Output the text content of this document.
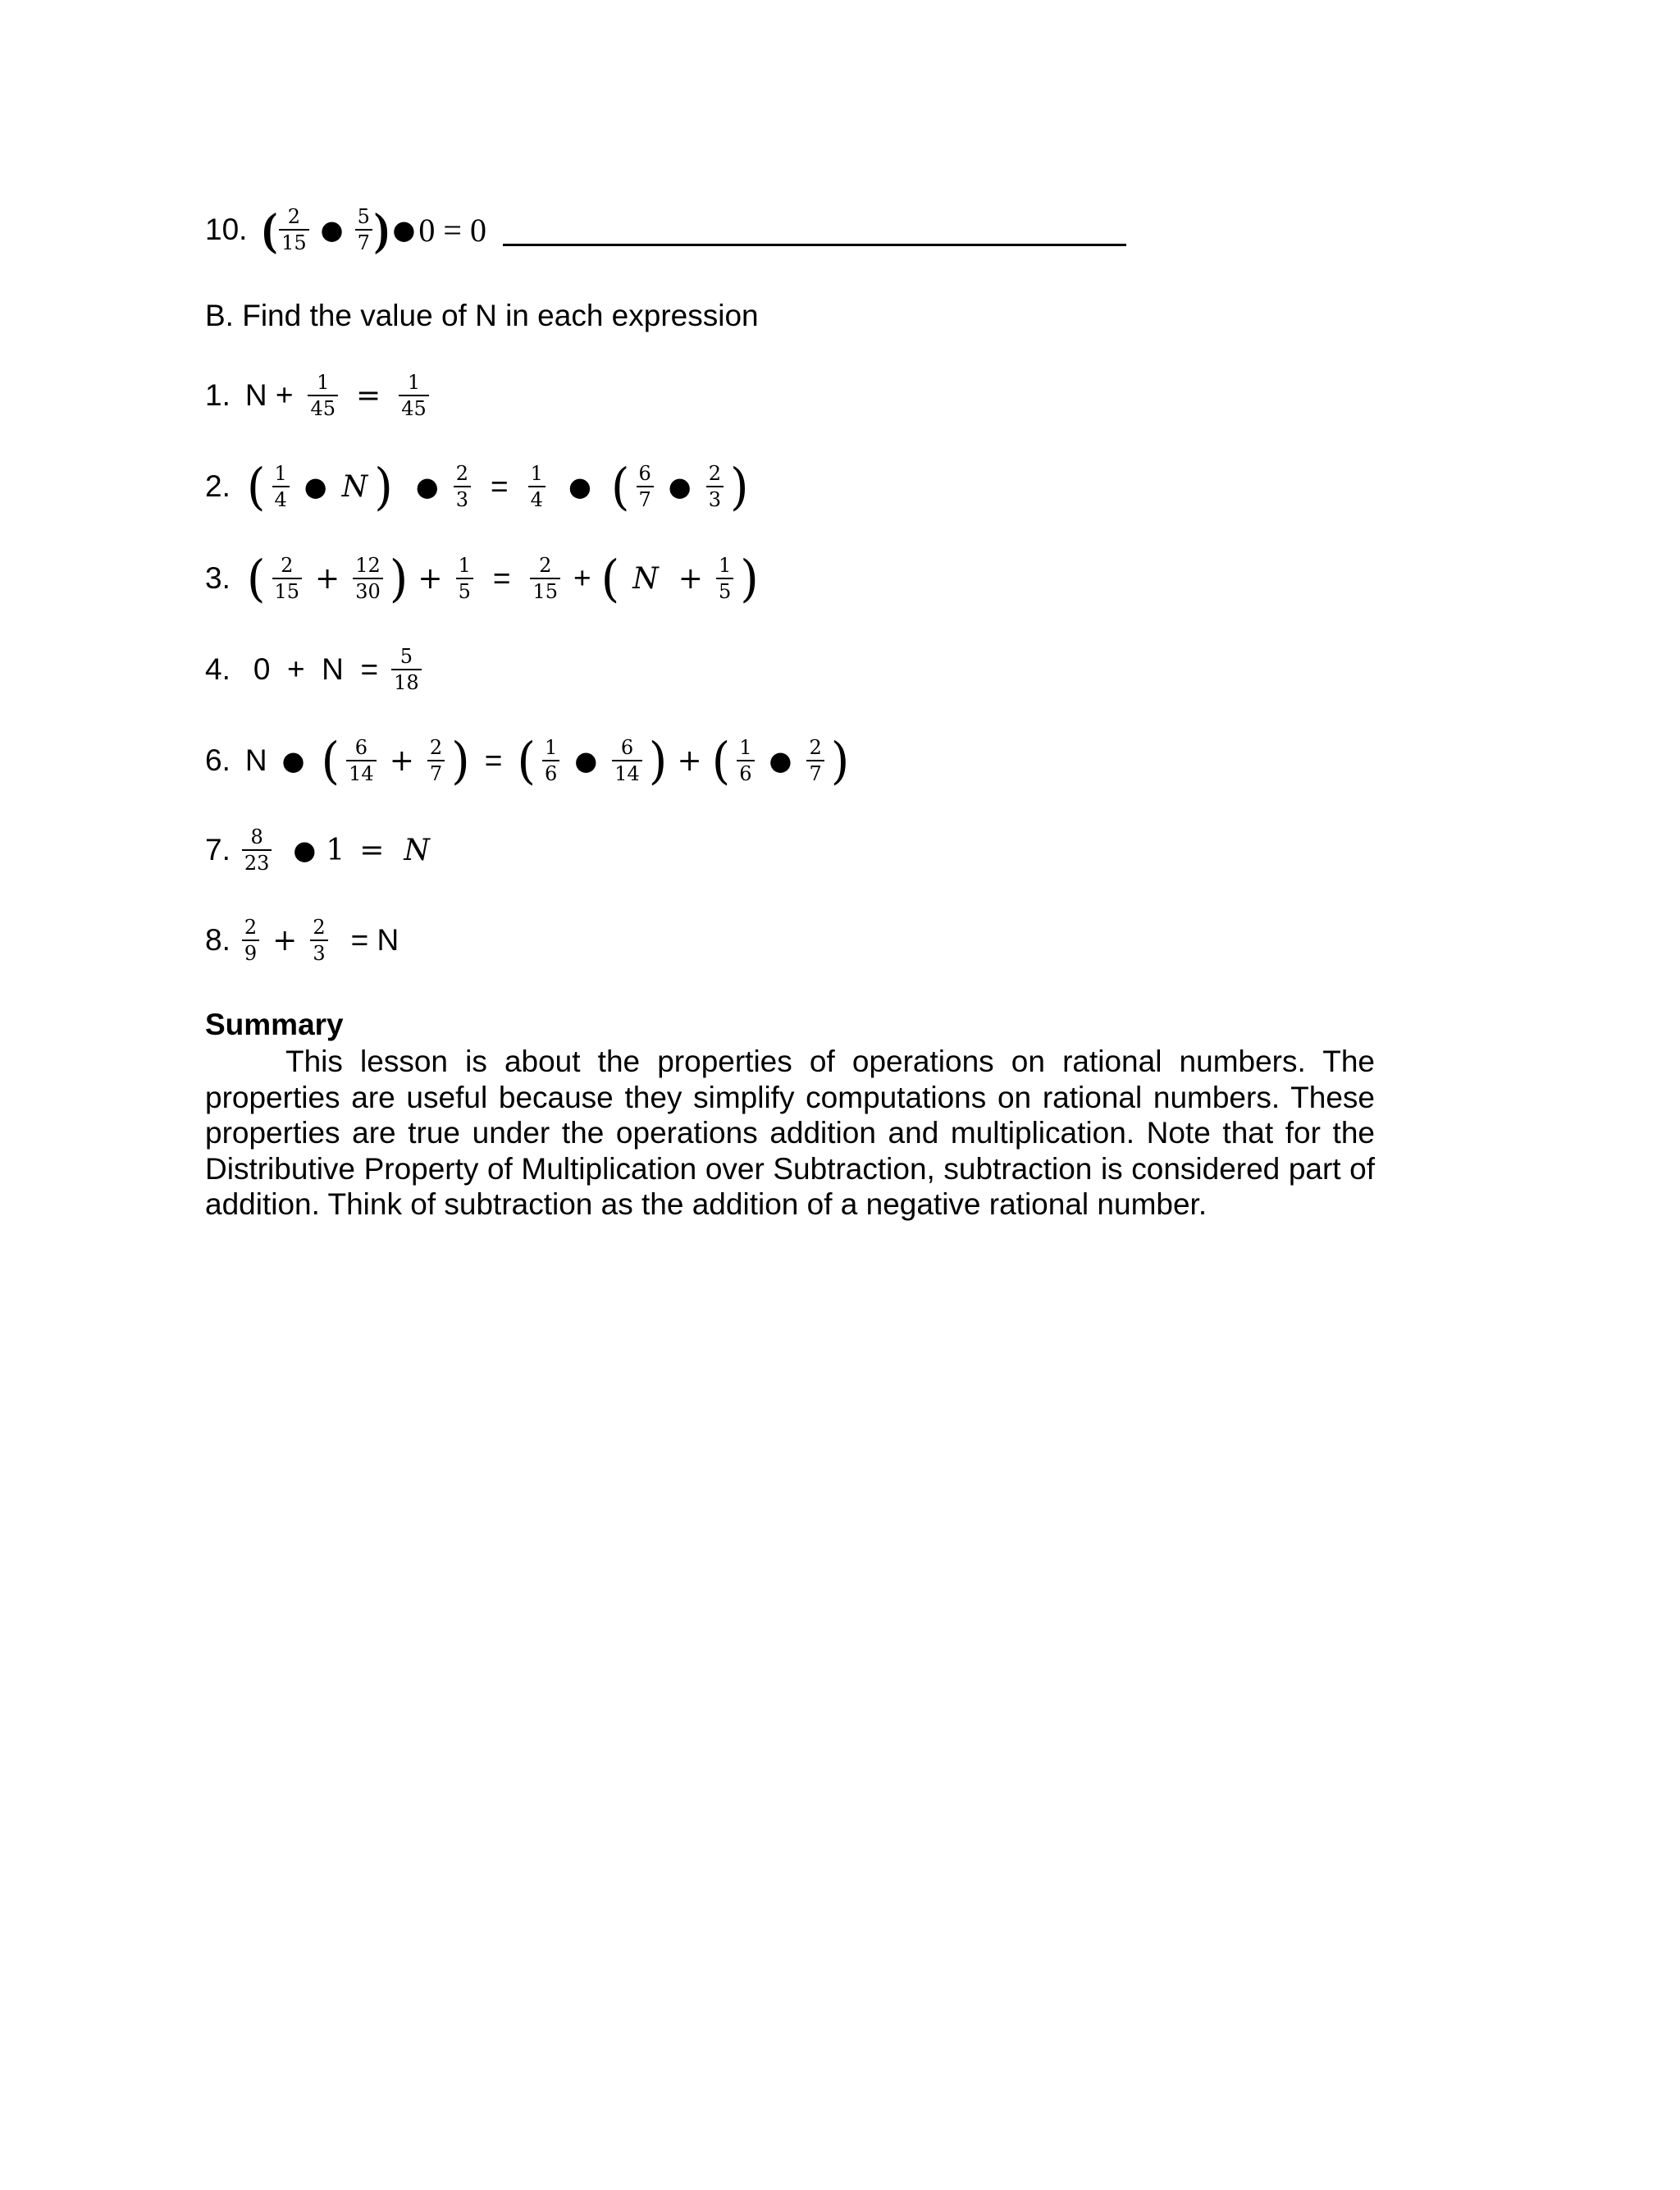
10. ( $\frac{2}{15}$ ● $\frac{5}{7}$ ) ● 0 = 0
B. Find the value of N in each expression
1. $N + \frac{1}{45} = \frac{1}{45}$
2. ( $\frac{1}{4}$ ● N ) ● $\frac{2}{3} = \frac{1}{4}$ ● ( $\frac{6}{7}$ ● $\frac{2}{3}$ )
3. ( $\frac{2}{15} + \frac{12}{30}$ ) + $\frac{1}{5} = \frac{2}{15}$ + ( $N + \frac{1}{5}$ )
4. $0 + N = \frac{5}{18}$
6. N ● ( $\frac{6}{14} + \frac{2}{7}$ ) = ( $\frac{1}{6}$ ● $\frac{6}{14}$ ) + ( $\frac{1}{6}$ ● $\frac{2}{7}$ )
7. $\frac{8}{23}$ ● 1 = N
8. $\frac{2}{9} + \frac{2}{3} = N$
Summary
This lesson is about the properties of operations on rational numbers. The properties are useful because they simplify computations on rational numbers. These properties are true under the operations addition and multiplication. Note that for the Distributive Property of Multiplication over Subtraction, subtraction is considered part of addition. Think of subtraction as the addition of a negative rational number.
